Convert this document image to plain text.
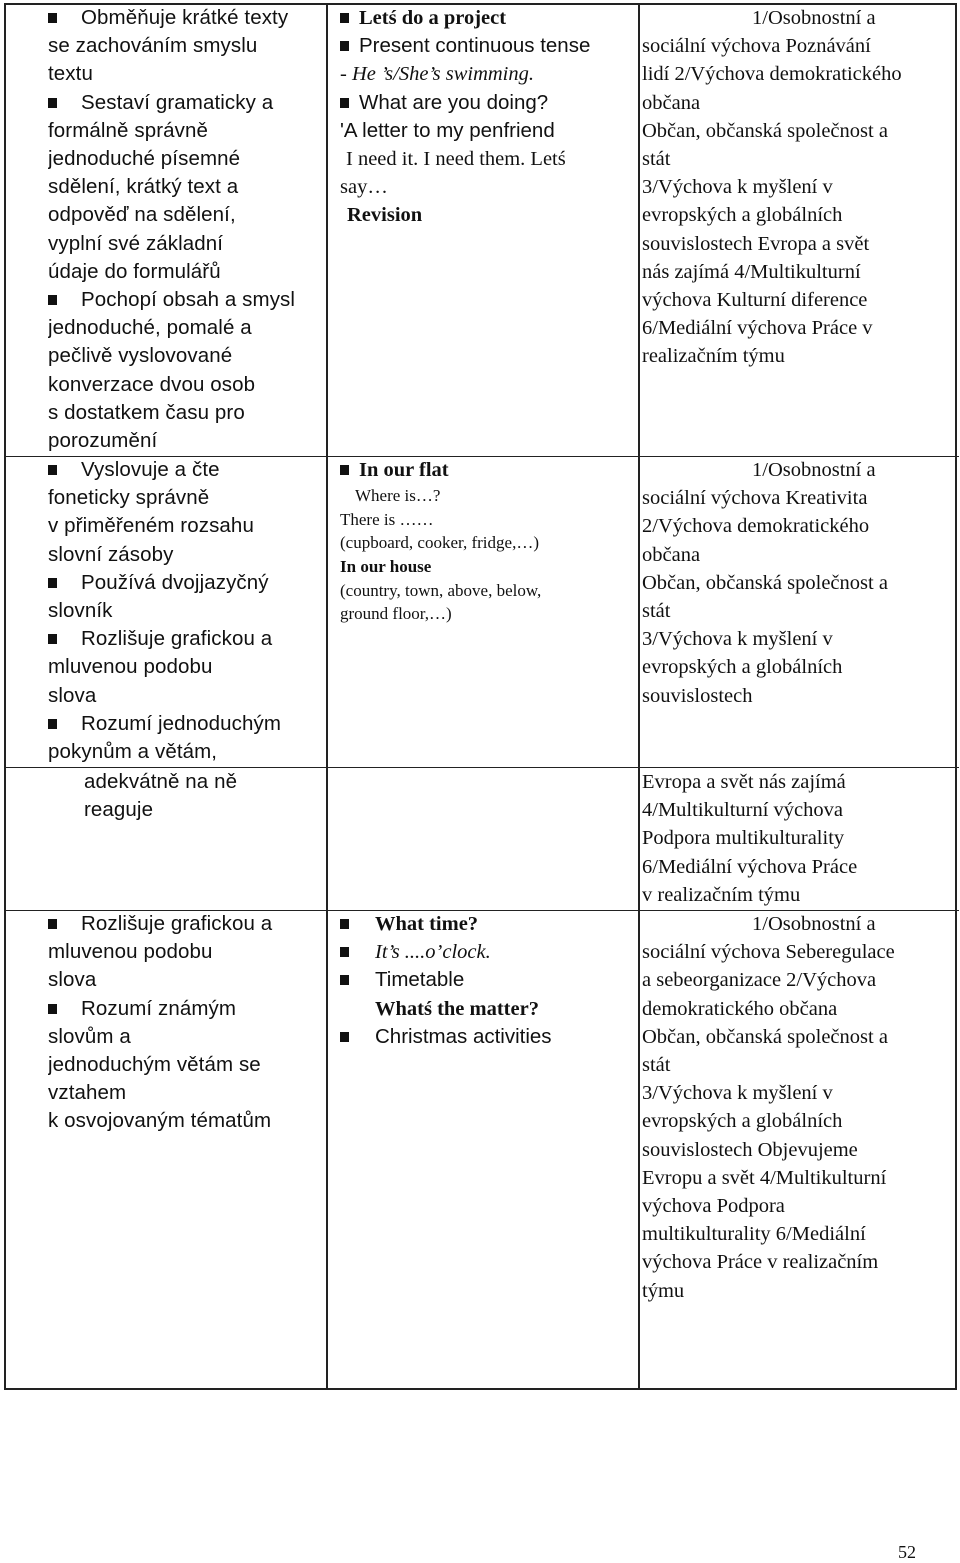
Obměňuje krátké texty

se zachováním smyslu

textu

Sestaví gramaticky a

formálně správně

jednoduché písemné

sdělení, krátký text a

odpověď na sdělení,

vyplní své základní

údaje do formulářů

Pochopí obsah a smysl

jednoduché, pomalé a

pečlivě vyslovované

konverzace dvou osob

s dostatkem času pro

porozumění

Vyslovuje a čte

foneticky správně

v přiměřeném rozsahu

slovní zásoby

Používá dvojjazyčný

slovník

Rozlišuje grafickou a

mluvenou podobu

slova

Rozumí jednoduchým

pokynům a větám,

adekvátně na ně

reaguje

Rozlišuje grafickou a

mluvenou podobu

slova

Rozumí známým

slovům a

jednoduchým větám se

vztahem

k osvojovaným tématům

Letś do a project

Present continuous tense

- He ’s/She’s swimming.

What are you doing?

'A letter to my penfriend

I need it. I need them. Letś

say…

Revision

In our flat

Where is…?

There is ……

(cupboard, cooker, fridge,…)

In our house

(country, town, above, below,

ground floor,…)

What time?

It’s ....o’clock.

Timetable

Whatś the matter?

Christmas activities

1/Osobnostní a

sociální výchova Poznávání

lidí 2/Výchova demokratického

občana

Občan, občanská společnost a

stát

3/Výchova k myšlení v

evropských a globálních

souvislostech Evropa a svět

nás zajímá 4/Multikulturní

výchova Kulturní diference

6/Mediální výchova Práce v

realizačním týmu

1/Osobnostní a

sociální výchova Kreativita

2/Výchova demokratického

občana

Občan, občanská společnost a

stát

3/Výchova k myšlení v

evropských a globálních

souvislostech

Evropa a svět nás zajímá

4/Multikulturní výchova

Podpora multikulturality

6/Mediální výchova Práce

v realizačním týmu

1/Osobnostní a

sociální výchova Seberegulace

a sebeorganizace 2/Výchova

demokratického občana

Občan, občanská společnost a

stát

3/Výchova k myšlení v

evropských a globálních

souvislostech Objevujeme

Evropu a svět 4/Multikulturní

výchova Podpora

multikulturality 6/Mediální

výchova Práce v realizačním

týmu

52
